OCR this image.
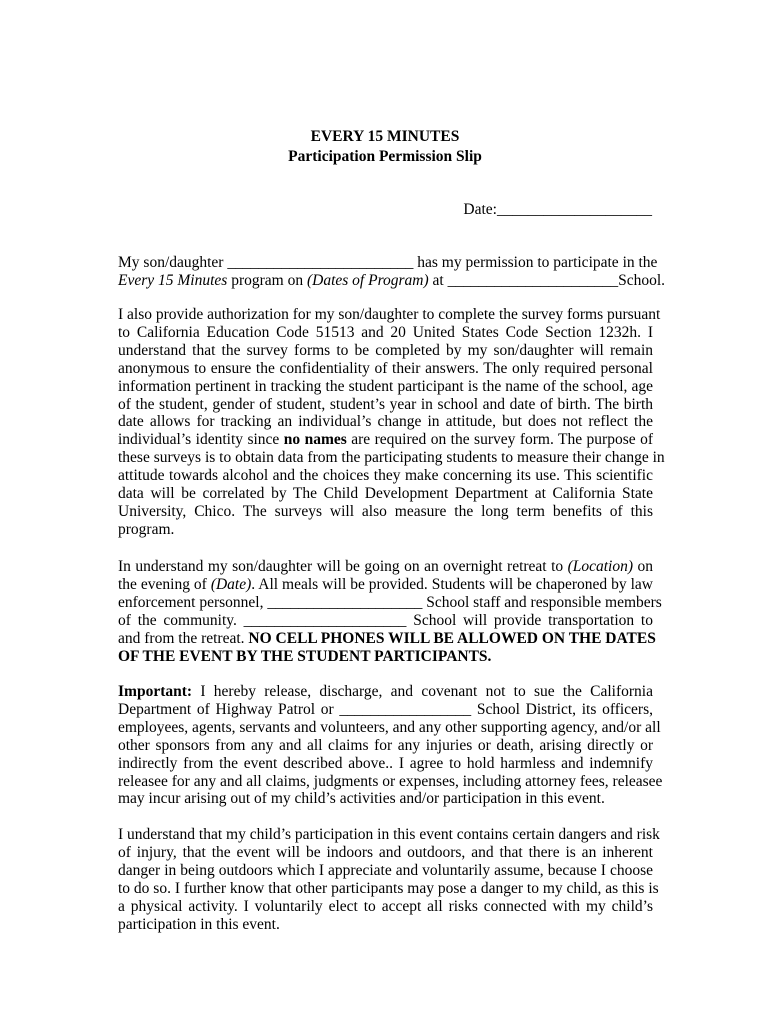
EVERY 15 MINUTES
Participation Permission Slip
Date:____________________
My son/daughter ________________________ has my permission to participate in the
Every 15 Minutes program on (Dates of Program) at ______________________School.
I also provide authorization for my son/daughter to complete the survey forms pursuant
to California Education Code 51513 and 20 United States Code Section 1232h. I
understand that the survey forms to be completed by my son/daughter will remain
anonymous to ensure the confidentiality of their answers. The only required personal
information pertinent in tracking the student participant is the name of the school, age
of the student, gender of student, student’s year in school and date of birth. The birth
date allows for tracking an individual’s change in attitude, but does not reflect the
individual’s identity since no names are required on the survey form. The purpose of
these surveys is to obtain data from the participating students to measure their change in
attitude towards alcohol and the choices they make concerning its use. This scientific
data will be correlated by The Child Development Department at California State
University, Chico. The surveys will also measure the long term benefits of this
program.
In understand my son/daughter will be going on an overnight retreat to (Location) on
the evening of (Date). All meals will be provided. Students will be chaperoned by law
enforcement personnel, ____________________ School staff and responsible members
of the community. _____________________ School will provide transportation to
and from the retreat. NO CELL PHONES WILL BE ALLOWED ON THE DATES
OF THE EVENT BY THE STUDENT PARTICIPANTS.
Important: I hereby release, discharge, and covenant not to sue the California
Department of Highway Patrol or _________________ School District, its officers,
employees, agents, servants and volunteers, and any other supporting agency, and/or all
other sponsors from any and all claims for any injuries or death, arising directly or
indirectly from the event described above.. I agree to hold harmless and indemnify
releasee for any and all claims, judgments or expenses, including attorney fees, releasee
may incur arising out of my child’s activities and/or participation in this event.
I understand that my child’s participation in this event contains certain dangers and risk
of injury, that the event will be indoors and outdoors, and that there is an inherent
danger in being outdoors which I appreciate and voluntarily assume, because I choose
to do so. I further know that other participants may pose a danger to my child, as this is
a physical activity. I voluntarily elect to accept all risks connected with my child’s
participation in this event.
